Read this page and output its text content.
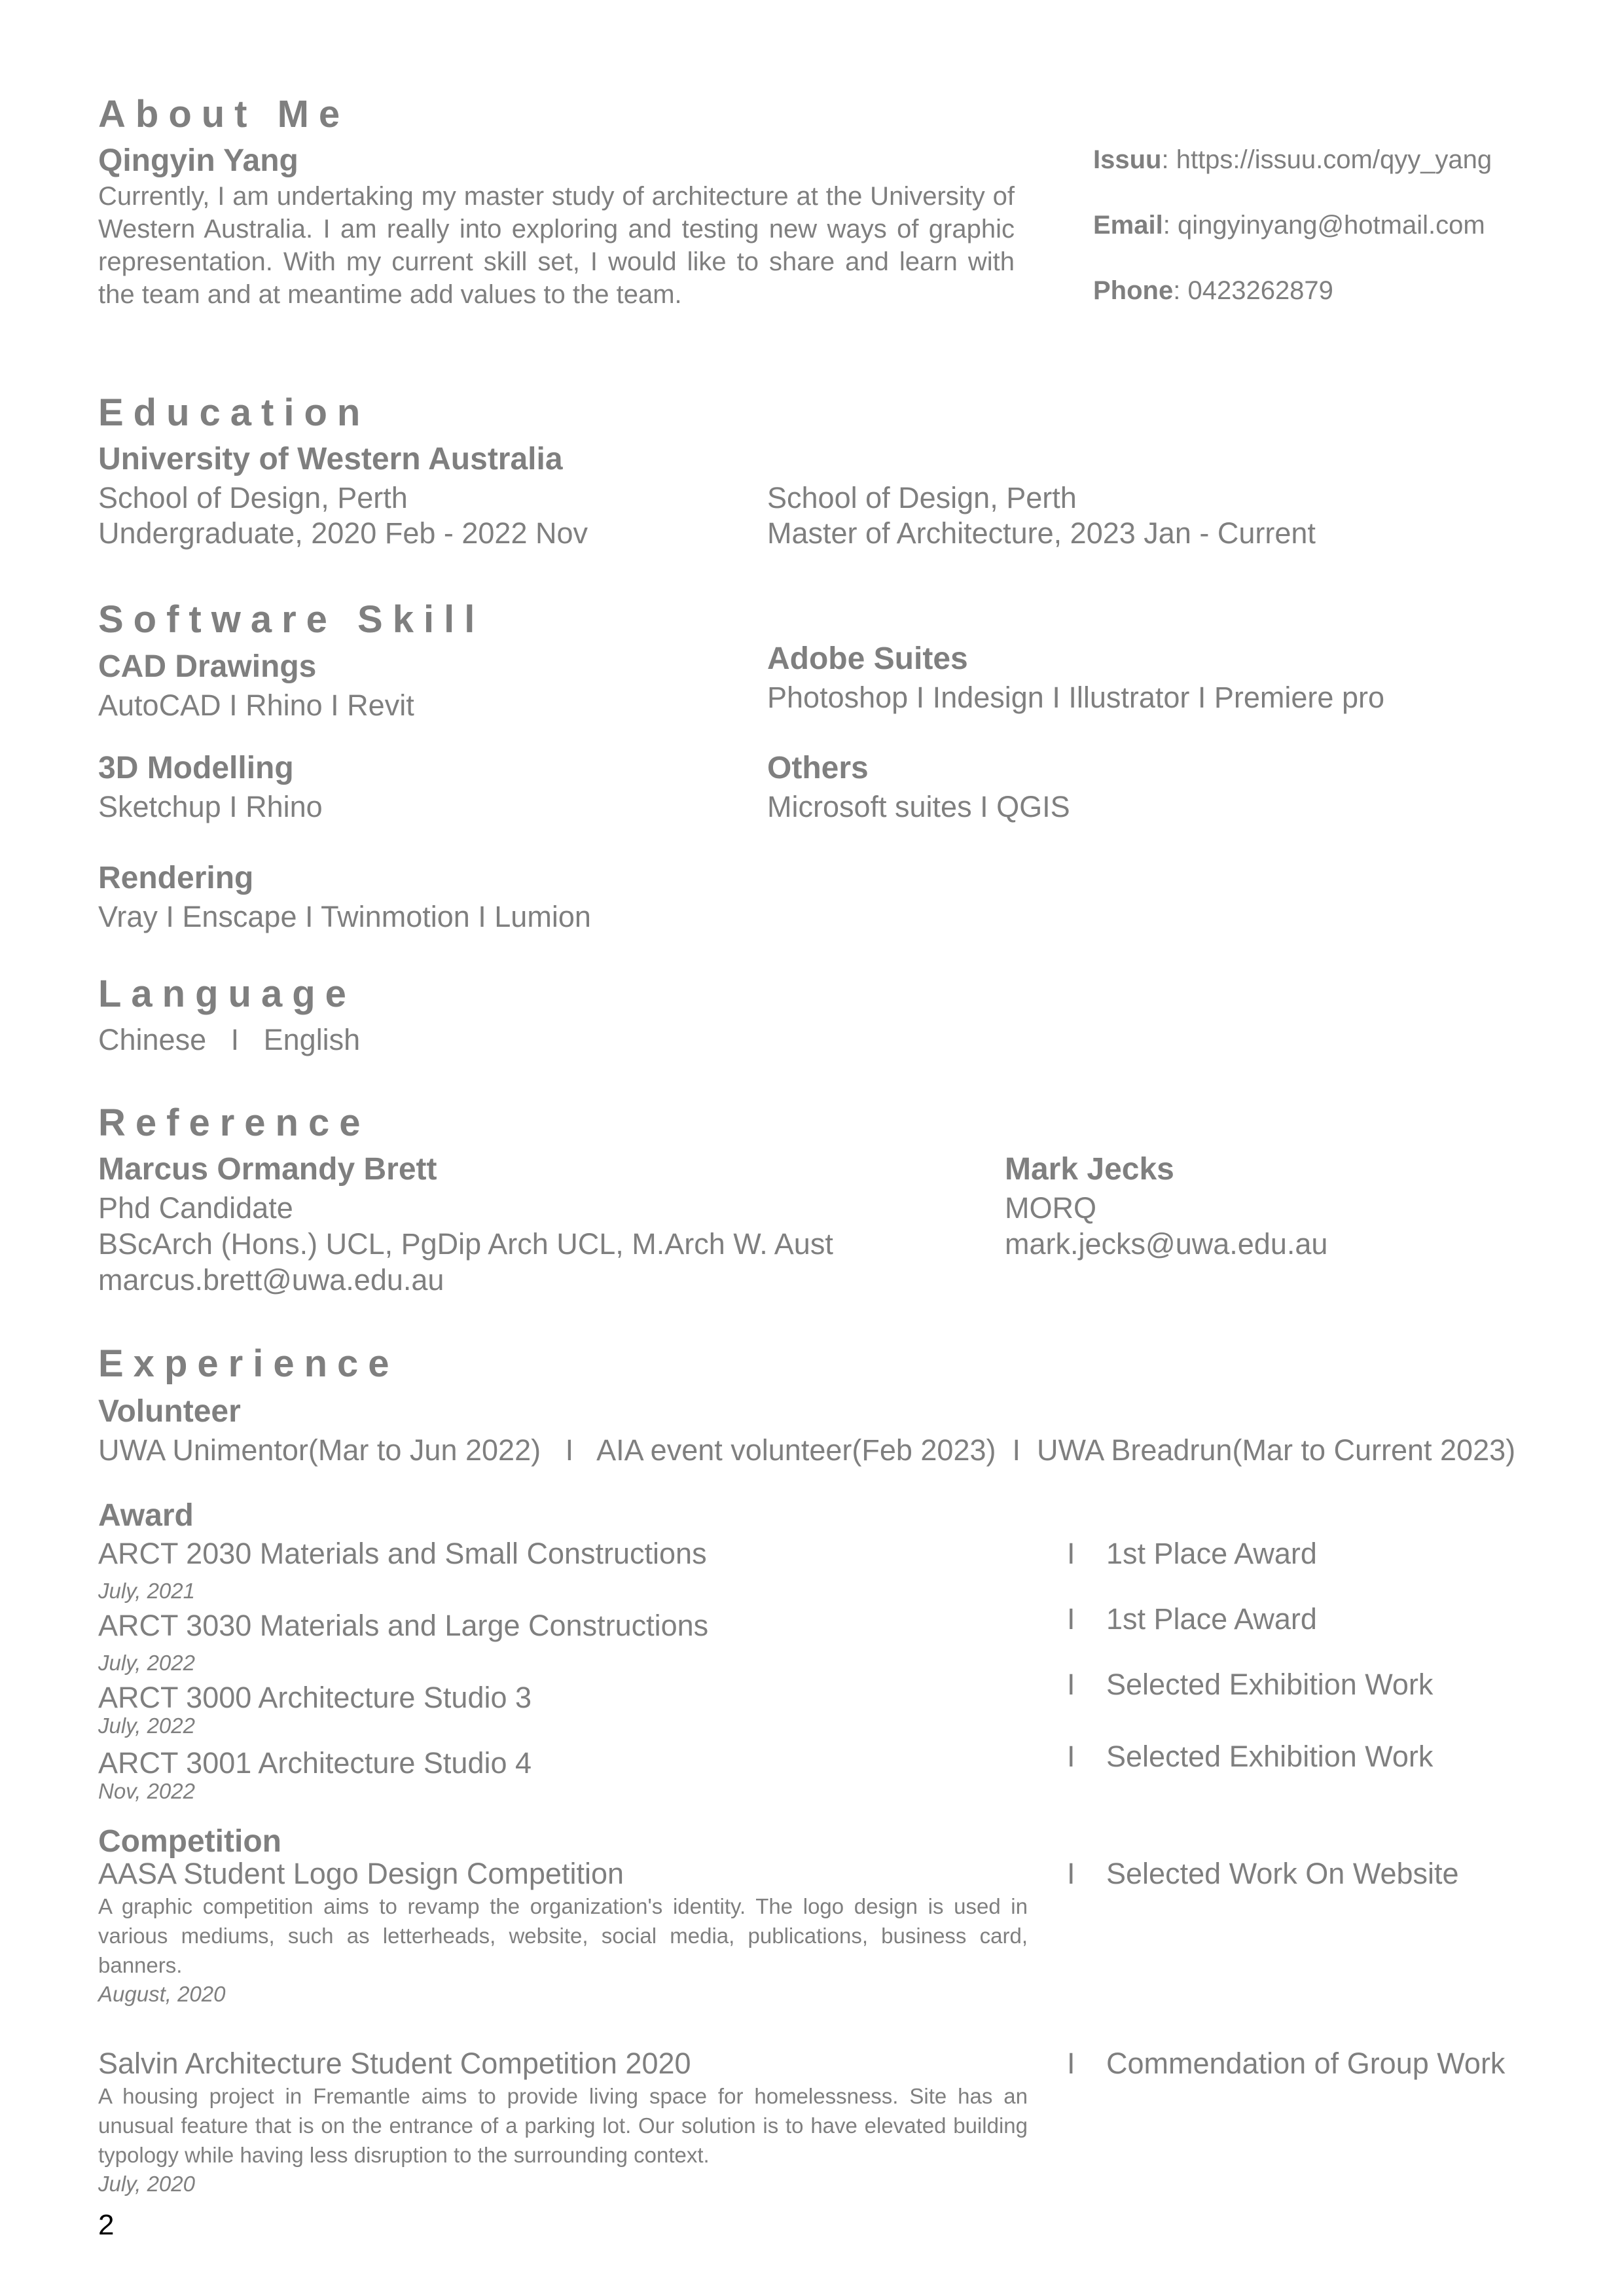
About Me
Qingyin Yang
Currently, I am undertaking my master study of architecture at the University of Western Australia. I am really into exploring and testing new ways of graphic representation. With my current skill set, I would like to share and learn with the team and at meantime add values to the team.
Issuu: https://issuu.com/qyy_yang
Email: qingyinyang@hotmail.com
Phone: 0423262879
Education
University of Western Australia
School of Design, Perth
Undergraduate, 2020 Feb - 2022 Nov
School of Design, Perth
Master of Architecture, 2023 Jan - Current
Software Skill
CAD Drawings
AutoCAD I Rhino I Revit
3D Modelling
Sketchup I Rhino
Rendering
Vray I Enscape I Twinmotion I Lumion
Adobe Suites
Photoshop I Indesign I Illustrator I Premiere pro
Others
Microsoft suites I QGIS
Language
Chinese   I   English
Reference
Marcus Ormandy Brett
Phd Candidate
BScArch (Hons.) UCL, PgDip Arch UCL, M.Arch W. Aust
marcus.brett@uwa.edu.au
Mark Jecks
MORQ
mark.jecks@uwa.edu.au
Experience
Volunteer
UWA Unimentor(Mar to Jun 2022)   I   AIA event volunteer(Feb 2023)  I  UWA Breadrun(Mar to Current 2023)
Award
ARCT 2030 Materials and Small Constructions
July, 2021
I 1st Place Award
ARCT 3030 Materials and Large Constructions
July, 2022
I 1st Place Award
ARCT 3000 Architecture Studio 3
July, 2022
I Selected Exhibition Work
ARCT 3001 Architecture Studio 4
Nov, 2022
I Selected Exhibition Work
Competition
AASA Student Logo Design Competition
A graphic competition aims to revamp the organization's identity. The logo design is used in various mediums, such as letterheads, website, social media, publications, business card, banners.
August, 2020
I Selected Work On Website
Salvin Architecture Student Competition 2020
A housing project in Fremantle aims to provide living space for homelessness. Site has an unusual feature that is on the entrance of a parking lot. Our solution is to have elevated building typology while having less disruption to the surrounding context.
July, 2020
I Commendation of Group Work
2
